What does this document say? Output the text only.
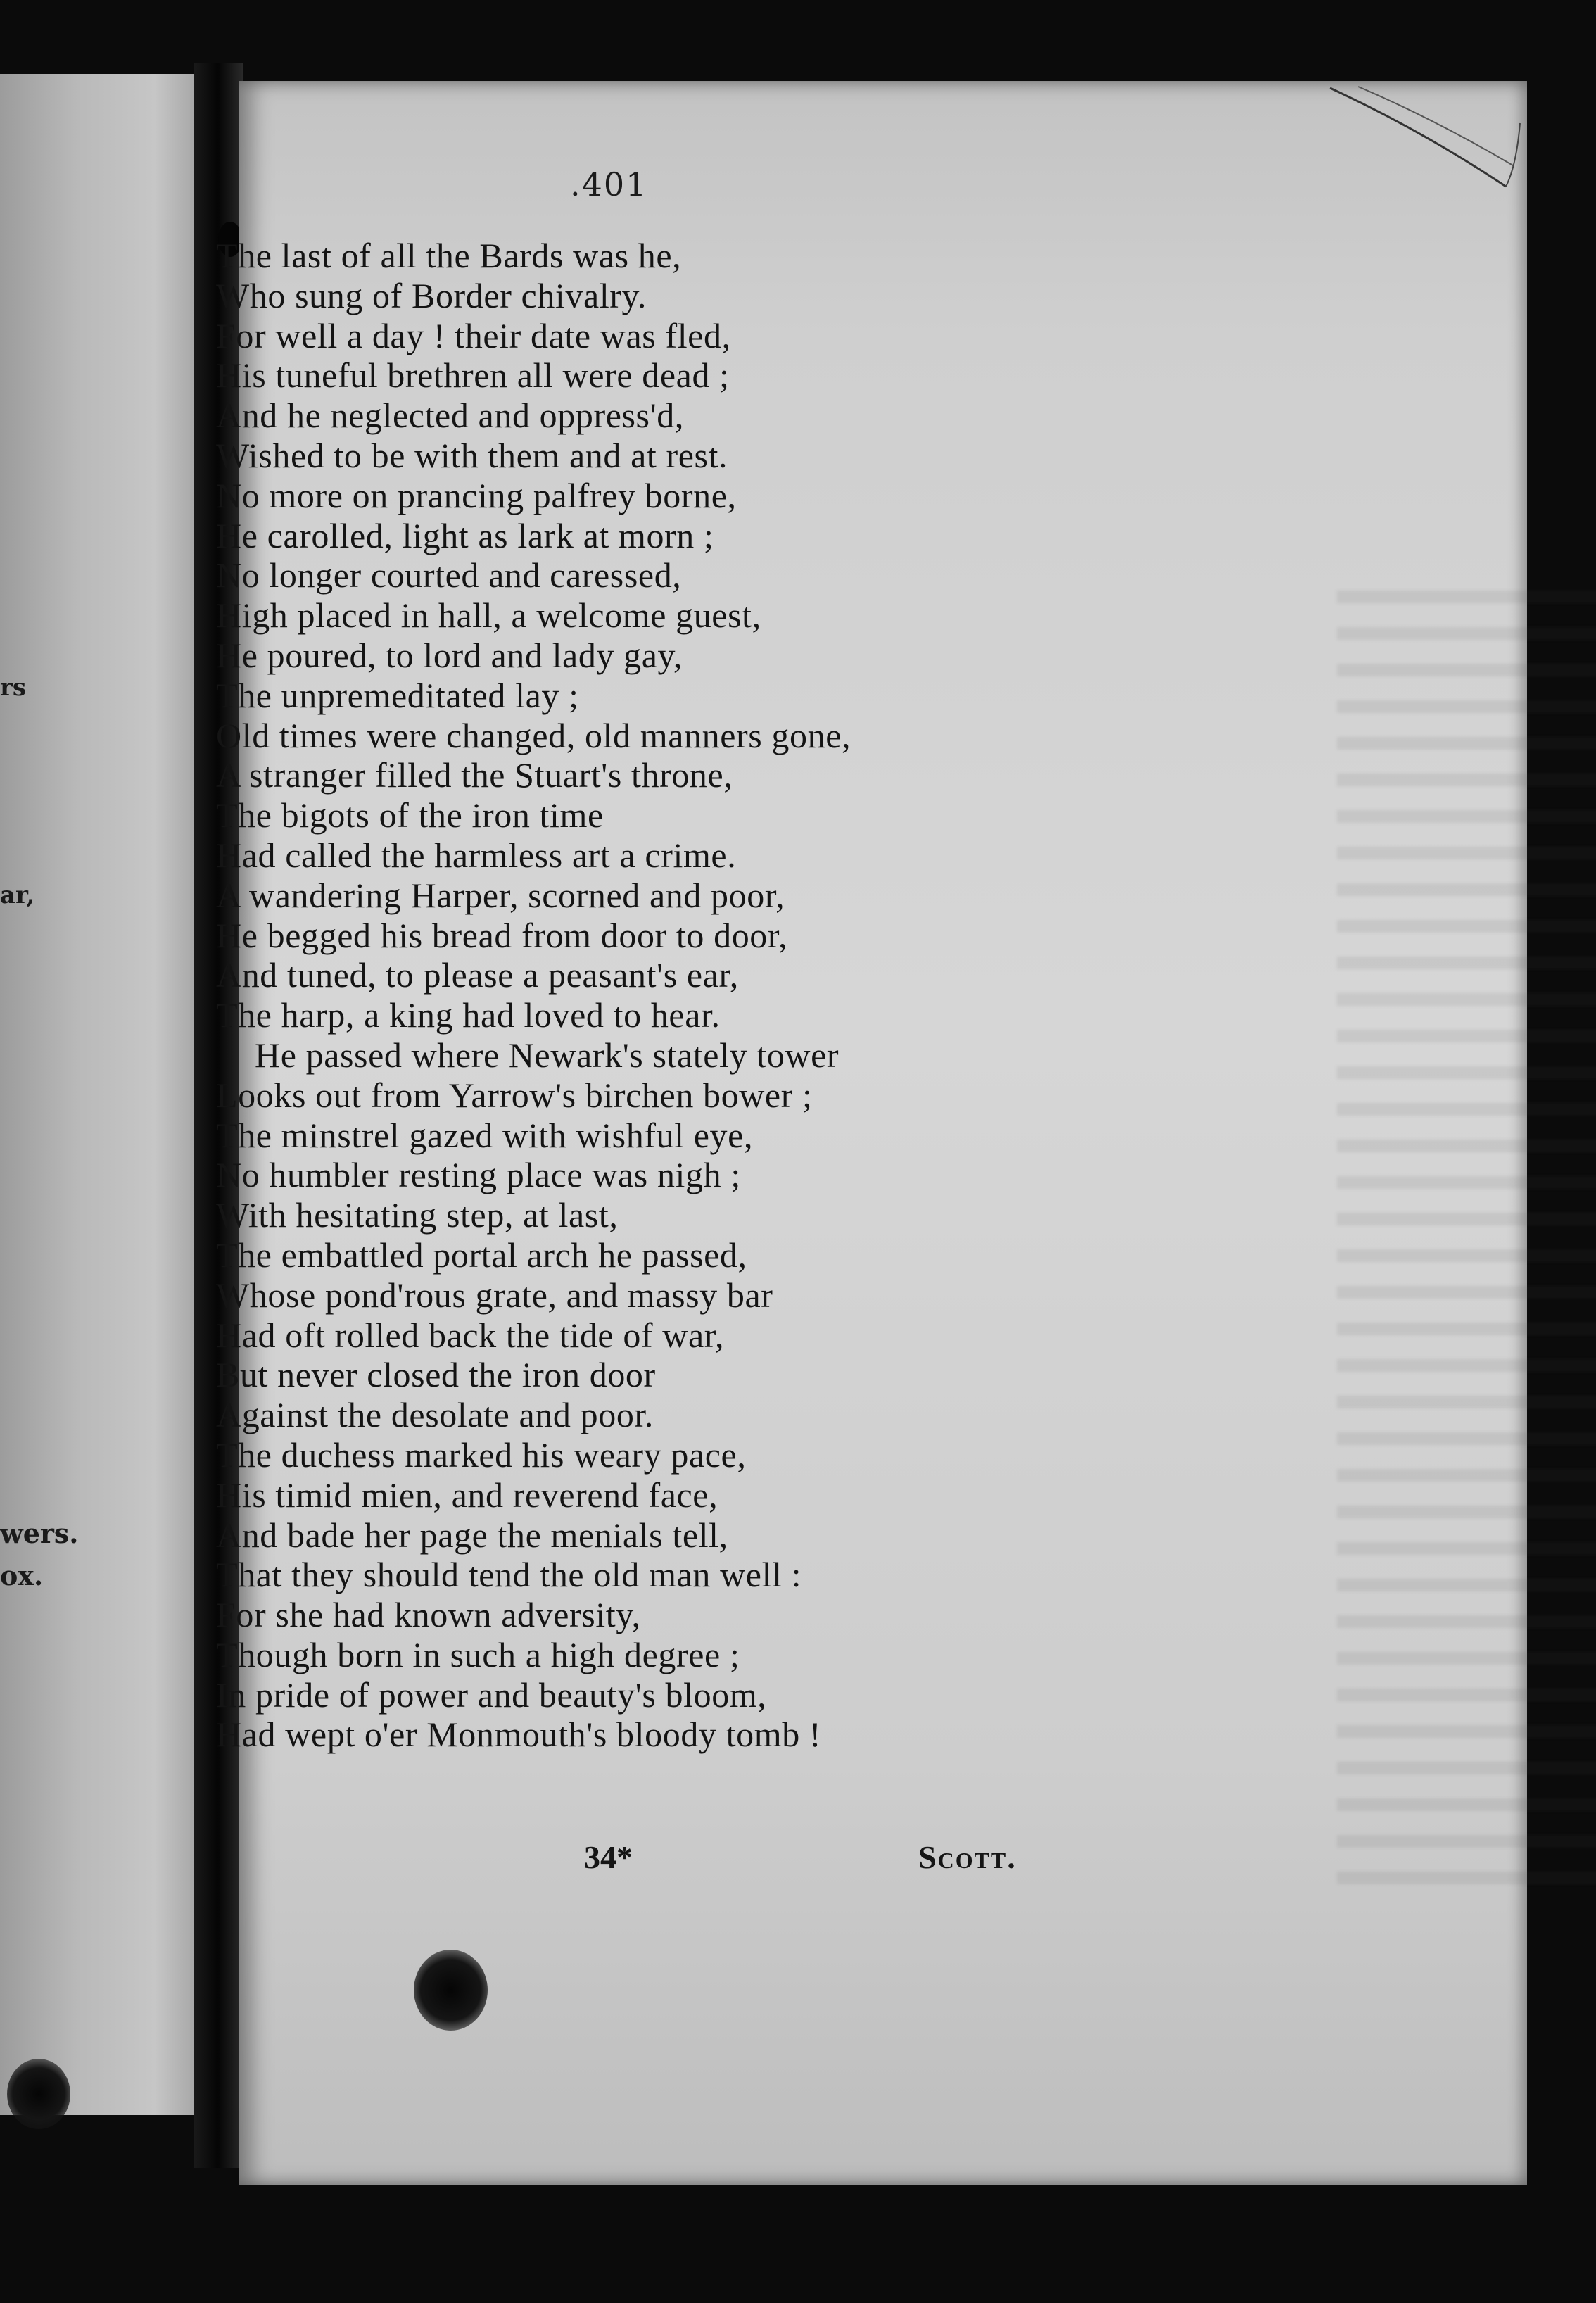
rs
ar,
wers.
ox.

.401

The last of all the Bards was he,
Who sung of Border chivalry.
For well a day ! their date was fled,
His tuneful brethren all were dead ;
And he neglected and oppress'd,
Wished to be with them and at rest.
No more on prancing palfrey borne,
He carolled, light as lark at morn ;
No longer courted and caressed,
High placed in hall, a welcome guest,
He poured, to lord and lady gay,
The unpremeditated lay ;
Old times were changed, old manners gone,
A stranger filled the Stuart's throne,
The bigots of the iron time
Had called the harmless art a crime.
A wandering Harper, scorned and poor,
He begged his bread from door to door,
And tuned, to please a peasant's ear,
The harp, a king had loved to hear.
He passed where Newark's stately tower
Looks out from Yarrow's birchen bower ;
The minstrel gazed with wishful eye,
No humbler resting place was nigh ;
With hesitating step, at last,
The embattled portal arch he passed,
Whose pond'rous grate, and massy bar
Had oft rolled back the tide of war,
But never closed the iron door
Against the desolate and poor.
The duchess marked his weary pace,
His timid mien, and reverend face,
And bade her page the menials tell,
That they should tend the old man well :
For she had known adversity,
Though born in such a high degree ;
In pride of power and beauty's bloom,
Had wept o'er Monmouth's bloody tomb !

34*	Scott.
